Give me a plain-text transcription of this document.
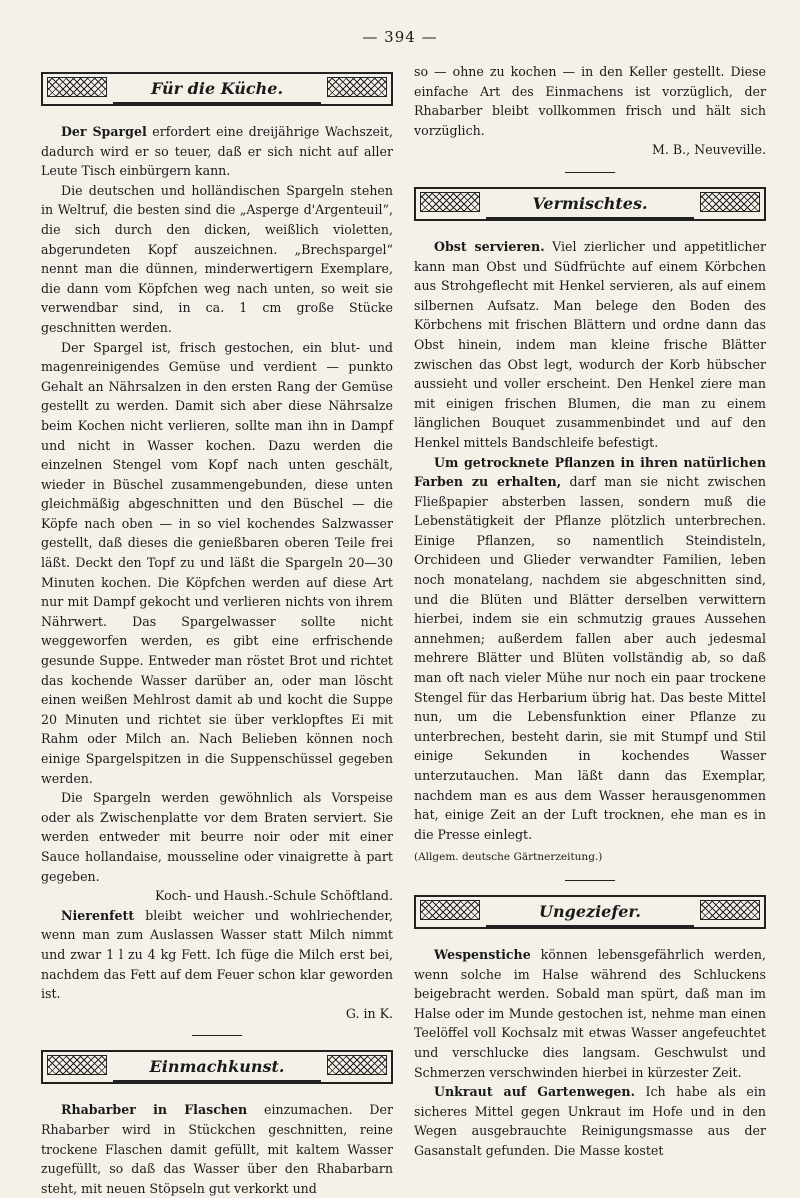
— 394 —
Für die Küche.

Der Spargel erfordert eine dreijährige Wachszeit, dadurch wird er so teuer, daß er sich nicht auf aller Leute Tisch einbürgern kann.

Die deutschen und holländischen Spargeln stehen in Weltruf, die besten sind die „Asperge d'Argenteuil“, die sich durch den dicken, weißlich violetten, abgerundeten Kopf auszeichnen. „Brechspargel“ nennt man die dünnen, minderwertigern Exemplare, die dann vom Köpfchen weg nach unten, so weit sie verwendbar sind, in ca. 1 cm große Stücke geschnitten werden.

Der Spargel ist, frisch gestochen, ein blut- und magenreinigendes Gemüse und verdient — punkto Gehalt an Nährsalzen in den ersten Rang der Gemüse gestellt zu werden. Damit sich aber diese Nährsalze beim Kochen nicht verlieren, sollte man ihn in Dampf und nicht in Wasser kochen. Dazu werden die einzelnen Stengel vom Kopf nach unten geschält, wieder in Büschel zusammengebunden, diese unten gleichmäßig abgeschnitten und den Büschel — die Köpfe nach oben — in so viel kochendes Salzwasser gestellt, daß dieses die genießbaren oberen Teile frei läßt. Deckt den Topf zu und läßt die Spargeln 20—30 Minuten kochen. Die Köpfchen werden auf diese Art nur mit Dampf gekocht und verlieren nichts von ihrem Nährwert. Das Spargelwasser sollte nicht weggeworfen werden, es gibt eine erfrischende gesunde Suppe. Entweder man röstet Brot und richtet das kochende Wasser darüber an, oder man löscht einen weißen Mehlrost damit ab und kocht die Suppe 20 Minuten und richtet sie über verklopftes Ei mit Rahm oder Milch an. Nach Belieben können noch einige Spargelspitzen in die Suppenschüssel gegeben werden.

Die Spargeln werden gewöhnlich als Vorspeise oder als Zwischenplatte vor dem Braten serviert. Sie werden entweder mit beurre noir oder mit einer Sauce hollandaise, mousseline oder vinaigrette à part gegeben.

Koch- und Haush.-Schule Schöftland.

Nierenfett bleibt weicher und wohlriechender, wenn man zum Auslassen Wasser statt Milch nimmt und zwar 1 l zu 4 kg Fett. Ich füge die Milch erst bei, nachdem das Fett auf dem Feuer schon klar geworden ist.

G. in K.

Einmachkunst.

Rhabarber in Flaschen einzumachen. Der Rhabarber wird in Stückchen geschnitten, reine trockene Flaschen damit gefüllt, mit kaltem Wasser zugefüllt, so daß das Wasser über den Rhabarbarn steht, mit neuen Stöpseln gut verkorkt und

so — ohne zu kochen — in den Keller gestellt. Diese einfache Art des Einmachens ist vorzüglich, der Rhabarber bleibt vollkommen frisch und hält sich vorzüglich.

M. B., Neuveville.

Vermischtes.

Obst servieren. Viel zierlicher und appetitlicher kann man Obst und Südfrüchte auf einem Körbchen aus Strohgeflecht mit Henkel servieren, als auf einem silbernen Aufsatz. Man belege den Boden des Körbchens mit frischen Blättern und ordne dann das Obst hinein, indem man kleine frische Blätter zwischen das Obst legt, wodurch der Korb hübscher aussieht und voller erscheint. Den Henkel ziere man mit einigen frischen Blumen, die man zu einem länglichen Bouquet zusammenbindet und auf den Henkel mittels Bandschleife befestigt.

Um getrocknete Pflanzen in ihren natürlichen Farben zu erhalten, darf man sie nicht zwischen Fließpapier absterben lassen, sondern muß die Lebenstätigkeit der Pflanze plötzlich unterbrechen. Einige Pflanzen, so namentlich Steindisteln, Orchideen und Glieder verwandter Familien, leben noch monatelang, nachdem sie abgeschnitten sind, und die Blüten und Blätter derselben verwittern hierbei, indem sie ein schmutzig graues Aussehen annehmen; außerdem fallen aber auch jedesmal mehrere Blätter und Blüten vollständig ab, so daß man oft nach vieler Mühe nur noch ein paar trockene Stengel für das Herbarium übrig hat. Das beste Mittel nun, um die Lebensfunktion einer Pflanze zu unterbrechen, besteht darin, sie mit Stumpf und Stil einige Sekunden in kochendes Wasser unterzutauchen. Man läßt dann das Exemplar, nachdem man es aus dem Wasser herausgenommen hat, einige Zeit an der Luft trocknen, ehe man es in die Presse einlegt.

(Allgem. deutsche Gärtnerzeitung.)

Ungeziefer.

Wespenstiche können lebensgefährlich werden, wenn solche im Halse während des Schluckens beigebracht werden. Sobald man spürt, daß man im Halse oder im Munde gestochen ist, nehme man einen Teelöffel voll Kochsalz mit etwas Wasser angefeuchtet und verschlucke dies langsam. Geschwulst und Schmerzen verschwinden hierbei in kürzester Zeit.

Unkraut auf Gartenwegen. Ich habe als ein sicheres Mittel gegen Unkraut im Hofe und in den Wegen ausgebrauchte Reinigungsmasse aus der Gasanstalt gefunden. Die Masse kostet
